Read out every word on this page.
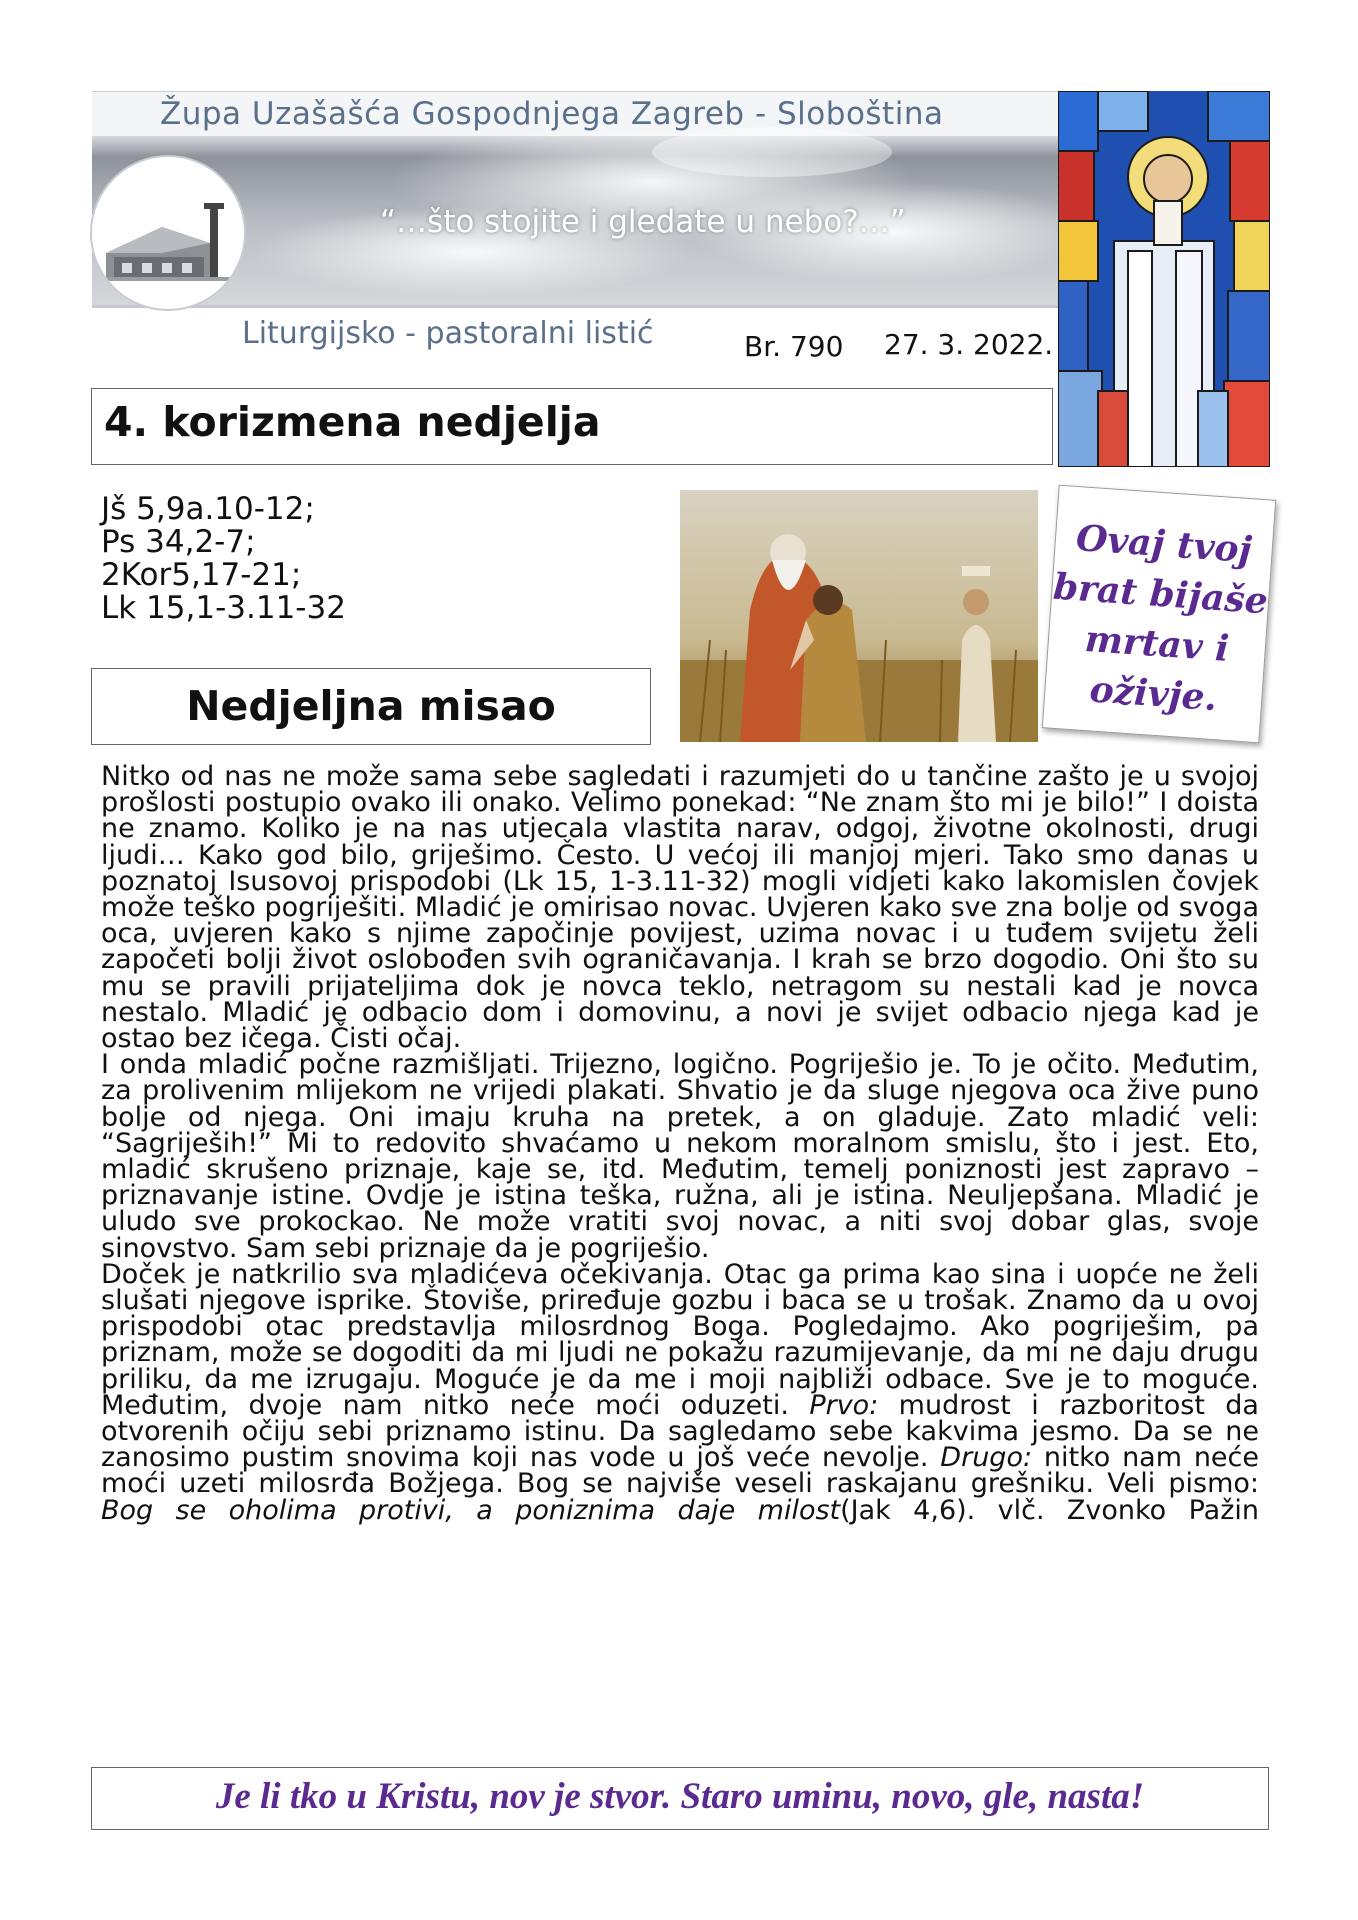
Župa Uzašašća Gospodnjega Zagreb - Sloboština
“…što stojite i gledate u nebo?…”
Liturgijsko - pastoralni listić	Br. 790 27. 3. 2022.
4. korizmena nedjelja
Jš 5,9a.10-12;
Ps 34,2-7;
2Kor5,17-21;
Lk 15,1-3.11-32
Nedjeljna misao
Ovaj tvoj
brat bijaše
mrtav i
oživje.

Nitko od nas ne može sama sebe sagledati i razumjeti do u tančine zašto je u svojoj prošlosti postupio ovako ili onako. Velimo ponekad: “Ne znam što mi je bilo!” I doista ne znamo. Koliko je na nas utjecala vlastita narav, odgoj, životne okolnosti, drugi ljudi… Kako god bilo, griješimo. Često. U većoj ili manjoj mjeri. Tako smo danas u poznatoj Isusovoj prispodobi (Lk 15, 1-3.11-32) mogli vidjeti kako lakomislen čovjek može teško pogriješiti. Mladić je omirisao novac. Uvjeren kako sve zna bolje od svoga oca, uvjeren kako s njime započinje povijest, uzima novac i u tuđem svijetu želi započeti bolji život oslobođen svih ograničavanja. I krah se brzo dogodio. Oni što su mu se pravili prijateljima dok je novca teklo, netragom su nestali kad je novca nestalo. Mladić je odbacio dom i domovinu, a novi je svijet odbacio njega kad je ostao bez ičega. Čisti očaj.

I onda mladić počne razmišljati. Trijezno, logično. Pogriješio je. To je očito. Međutim, za prolivenim mlijekom ne vrijedi plakati. Shvatio je da sluge njegova oca žive puno bolje od njega. Oni imaju kruha na pretek, a on gladuje. Zato mladić veli: “Sagriješih!” Mi to redovito shvaćamo u nekom moralnom smislu, što i jest. Eto, mladić skrušeno priznaje, kaje se, itd. Međutim, temelj poniznosti jest zapravo – priznavanje istine. Ovdje je istina teška, ružna, ali je istina. Neuljepšana. Mladić je uludo sve prokockao. Ne može vratiti svoj novac, a niti svoj dobar glas, svoje sinovstvo. Sam sebi priznaje da je pogriješio.

Doček je natkrilio sva mladićeva očekivanja. Otac ga prima kao sina i uopće ne želi slušati njegove isprike. Štoviše, priređuje gozbu i baca se u trošak. Znamo da u ovoj prispodobi otac predstavlja milosrdnog Boga. Pogledajmo. Ako pogriješim, pa priznam, može se dogoditi da mi ljudi ne pokažu razumijevanje, da mi ne daju drugu priliku, da me izrugaju. Moguće je da me i moji najbliži odbace. Sve je to moguće. Međutim, dvoje nam nitko neće moći oduzeti. Prvo: mudrost i razboritost da otvorenih očiju sebi priznamo istinu. Da sagledamo sebe kakvima jesmo. Da se ne zanosimo pustim snovima koji nas vode u još veće nevolje. Drugo: nitko nam neće moći uzeti milosrđa Božjega. Bog se najviše veseli raskajanu grešniku. Veli pismo: Bog se oholima protivi, a poniznima daje milost(Jak 4,6). vlč. Zvonko Pažin

Je li tko u Kristu, nov je stvor. Staro uminu, novo, gle, nasta!
